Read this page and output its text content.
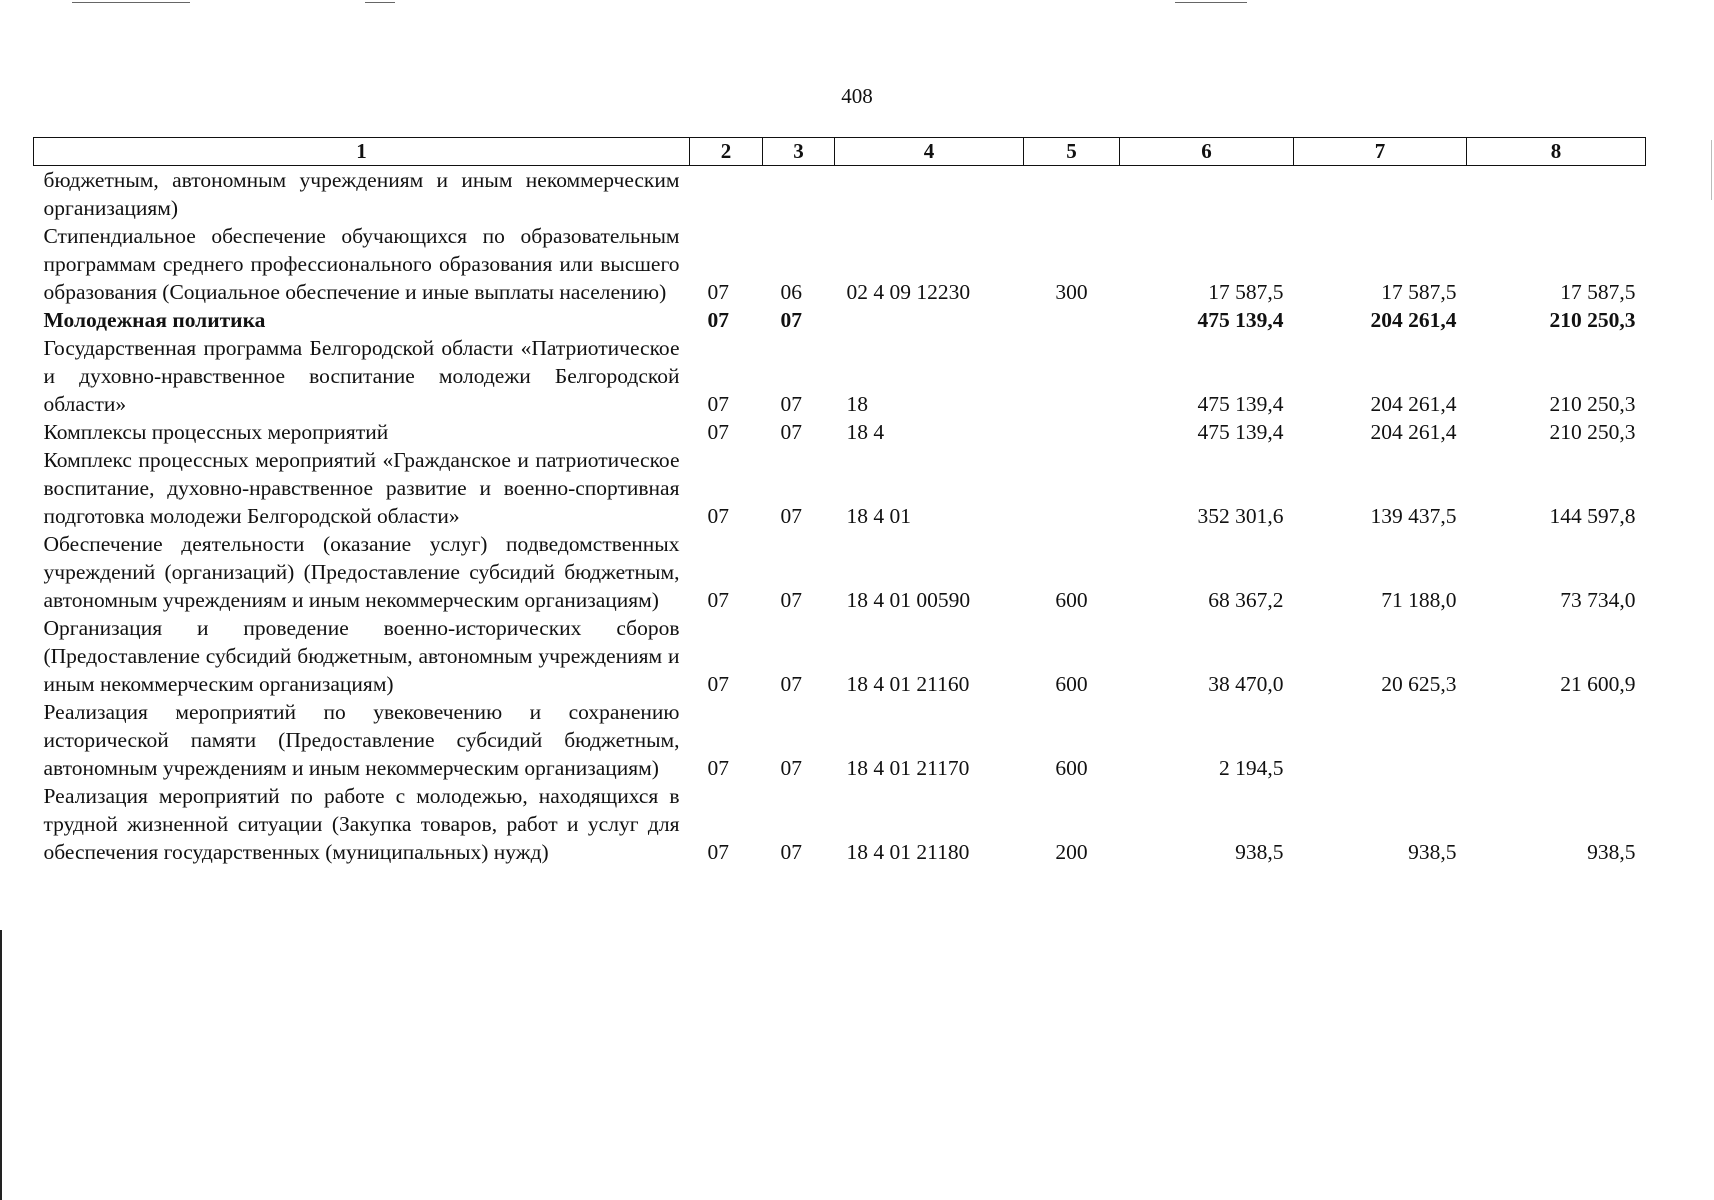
408
1	2	3	4	5	6	7	8
бюджетным, автономным учреждениям и иным некоммерческим организациям)							
Стипендиальное обеспечение обучающихся по образовательным программам среднего профессионального образования или высшего образования (Социальное обеспечение и иные выплаты населению)	07	06	02 4 09 12230	300	17 587,5	17 587,5	17 587,5
Молодежная политика	07	07			475 139,4	204 261,4	210 250,3
Государственная программа Белгородской области «Патриотическое и духовно-нравственное воспитание молодежи Белгородской области»	07	07	18		475 139,4	204 261,4	210 250,3
Комплексы процессных мероприятий	07	07	18 4		475 139,4	204 261,4	210 250,3
Комплекс процессных мероприятий «Гражданское и патриотическое воспитание, духовно-нравственное развитие и военно-спортивная подготовка молодежи Белгородской области»	07	07	18 4 01		352 301,6	139 437,5	144 597,8
Обеспечение деятельности (оказание услуг) подведомственных учреждений (организаций) (Предоставление субсидий бюджетным, автономным учреждениям и иным некоммерческим организациям)	07	07	18 4 01 00590	600	68 367,2	71 188,0	73 734,0
Организация и проведение военно-исторических сборов (Предоставление субсидий бюджетным, автономным учреждениям и иным некоммерческим организациям)	07	07	18 4 01 21160	600	38 470,0	20 625,3	21 600,9
Реализация мероприятий по увековечению и сохранению исторической памяти (Предоставление субсидий бюджетным, автономным учреждениям и иным некоммерческим организациям)	07	07	18 4 01 21170	600	2 194,5		
Реализация мероприятий по работе с молодежью, находящихся в трудной жизненной ситуации (Закупка товаров, работ и услуг для обеспечения государственных (муниципальных) нужд)	07	07	18 4 01 21180	200	938,5	938,5	938,5
